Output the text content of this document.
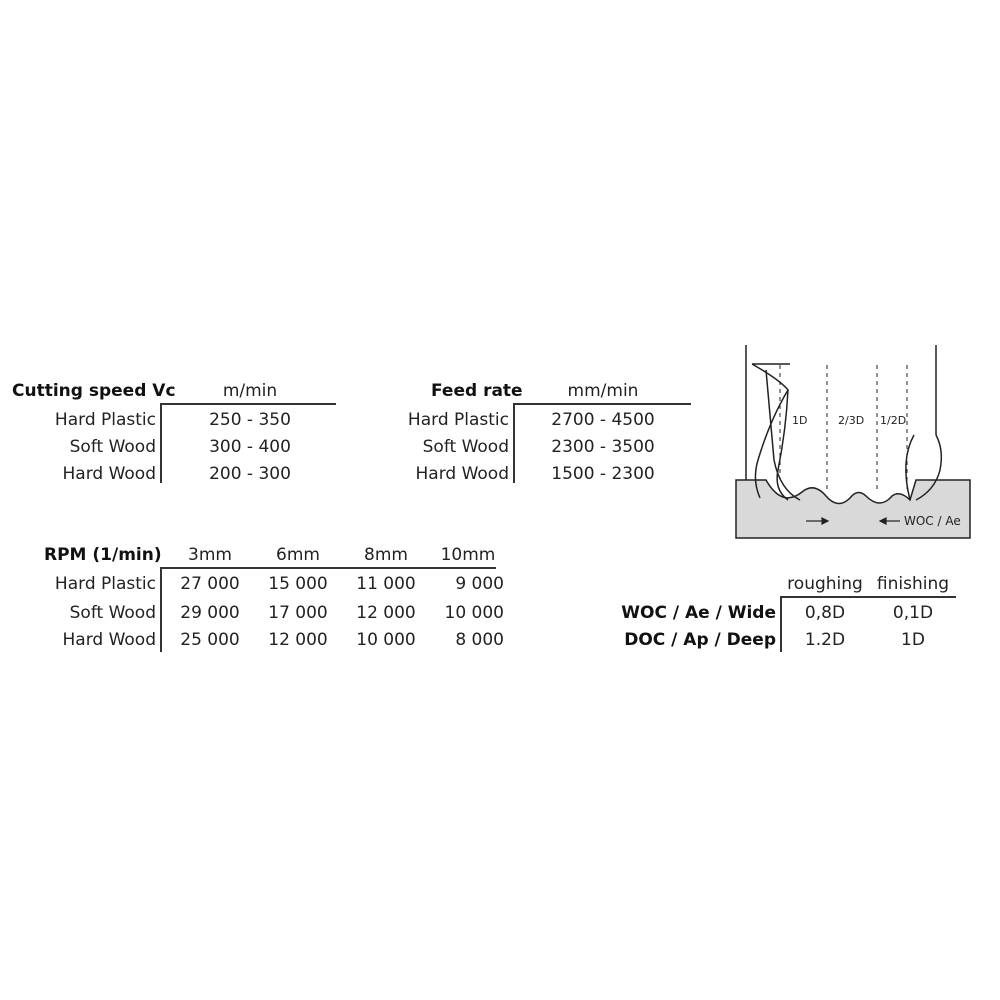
Cutting speed Vc	m/min
Hard Plastic	250 - 350
Soft Wood	300 - 400
Hard Wood	200 - 300
Feed rate	mm/min
Hard Plastic	2700 - 4500
Soft Wood	2300 - 3500
Hard Wood	1500 - 2300
RPM (1/min)	3mm	6mm	8mm	10mm
Hard Plastic	27 000	15 000	11 000	9 000
Soft Wood	29 000	17 000	12 000	10 000
Hard Wood	25 000	12 000	10 000	8 000
roughing finishing
WOC / Ae / Wide	0,8D	0,1D
DOC / Ap / Deep	1.2D	1D
1D	2/3D 1/2D
WOC / Ae
